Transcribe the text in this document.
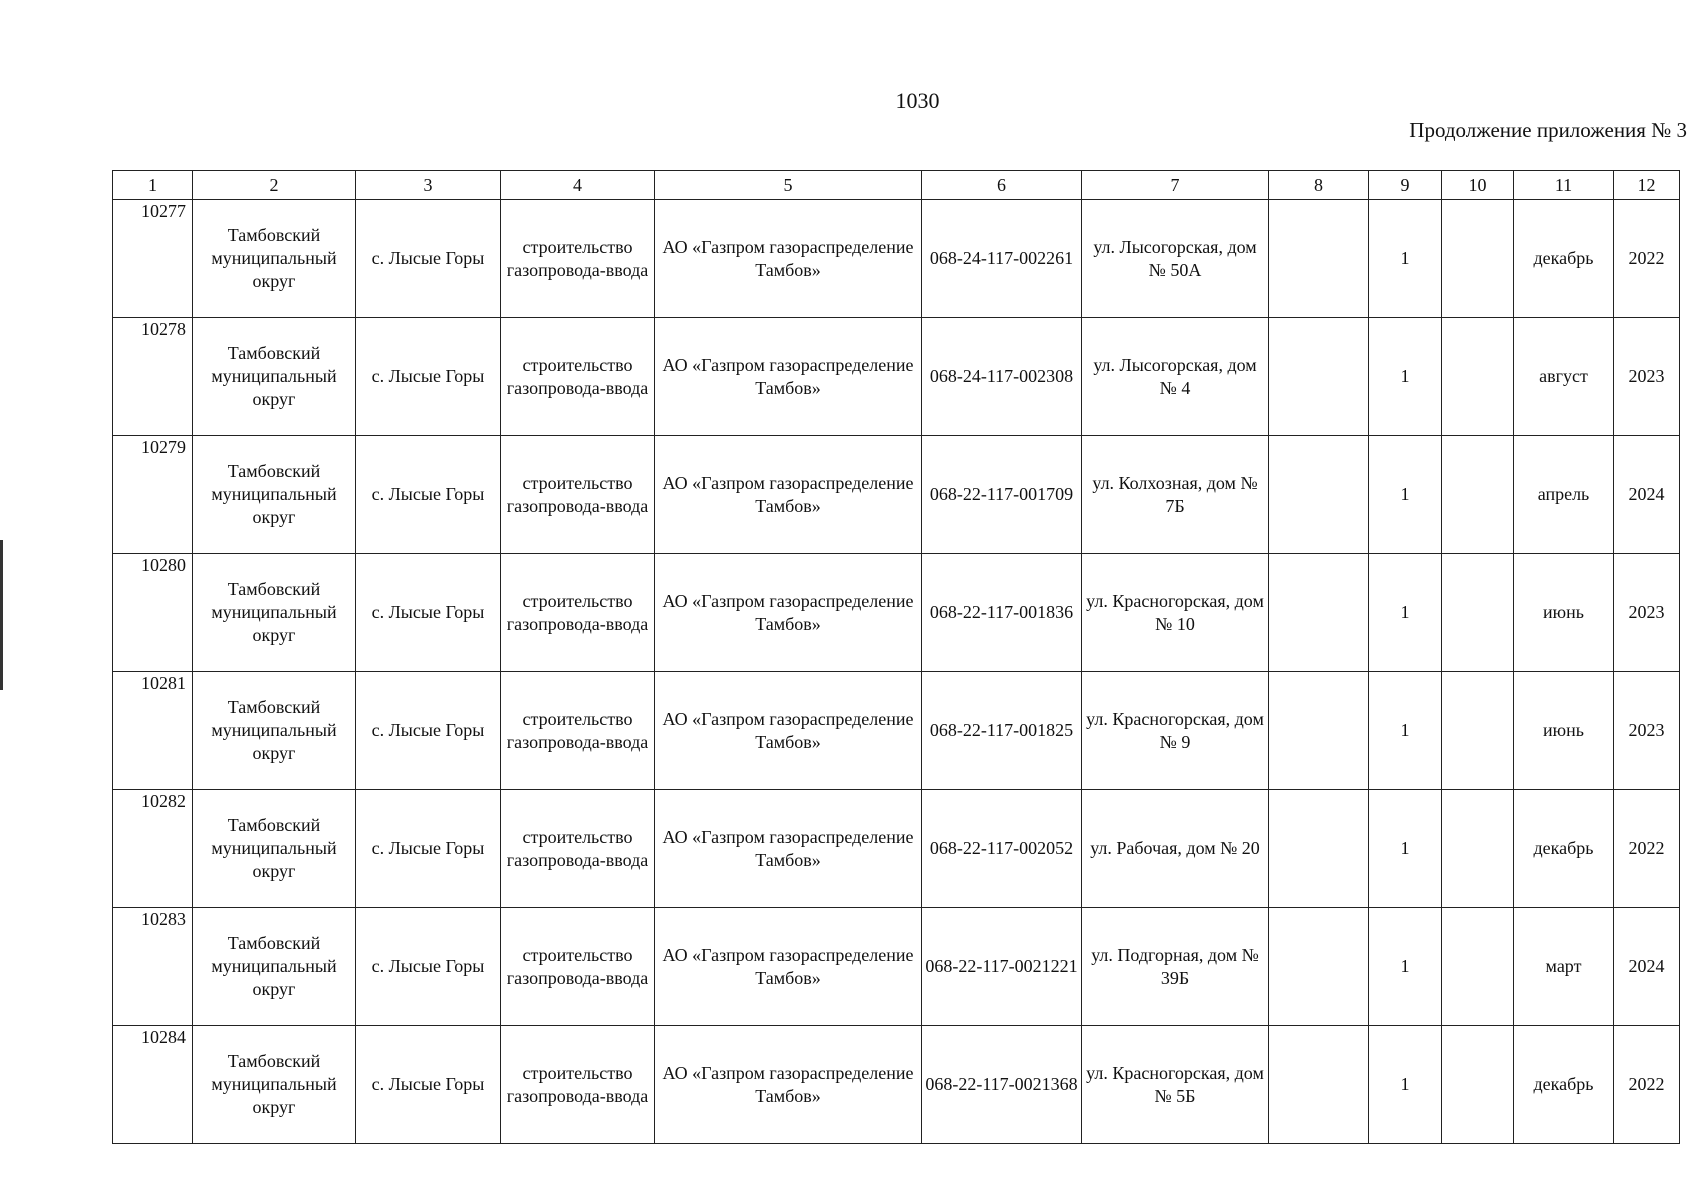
1030
Продолжение приложения № 3
1	2	3	4	5	6	7	8	9	10	11	12
10277	Тамбовский муниципальный округ	с. Лысые Горы	строительство газопровода-ввода	АО «Газпром газораспределение Тамбов»	068-24-117-002261	ул. Лысогорская, дом № 50А		1		декабрь	2022
10278	Тамбовский муниципальный округ	с. Лысые Горы	строительство газопровода-ввода	АО «Газпром газораспределение Тамбов»	068-24-117-002308	ул. Лысогорская, дом № 4		1		август	2023
10279	Тамбовский муниципальный округ	с. Лысые Горы	строительство газопровода-ввода	АО «Газпром газораспределение Тамбов»	068-22-117-001709	ул. Колхозная, дом № 7Б		1		апрель	2024
10280	Тамбовский муниципальный округ	с. Лысые Горы	строительство газопровода-ввода	АО «Газпром газораспределение Тамбов»	068-22-117-001836	ул. Красногорская, дом № 10		1		июнь	2023
10281	Тамбовский муниципальный округ	с. Лысые Горы	строительство газопровода-ввода	АО «Газпром газораспределение Тамбов»	068-22-117-001825	ул. Красногорская, дом № 9		1		июнь	2023
10282	Тамбовский муниципальный округ	с. Лысые Горы	строительство газопровода-ввода	АО «Газпром газораспределение Тамбов»	068-22-117-002052	ул. Рабочая, дом № 20		1		декабрь	2022
10283	Тамбовский муниципальный округ	с. Лысые Горы	строительство газопровода-ввода	АО «Газпром газораспределение Тамбов»	068-22-117-0021221	ул. Подгорная, дом № 39Б		1		март	2024
10284	Тамбовский муниципальный округ	с. Лысые Горы	строительство газопровода-ввода	АО «Газпром газораспределение Тамбов»	068-22-117-0021368	ул. Красногорская, дом № 5Б		1		декабрь	2022
